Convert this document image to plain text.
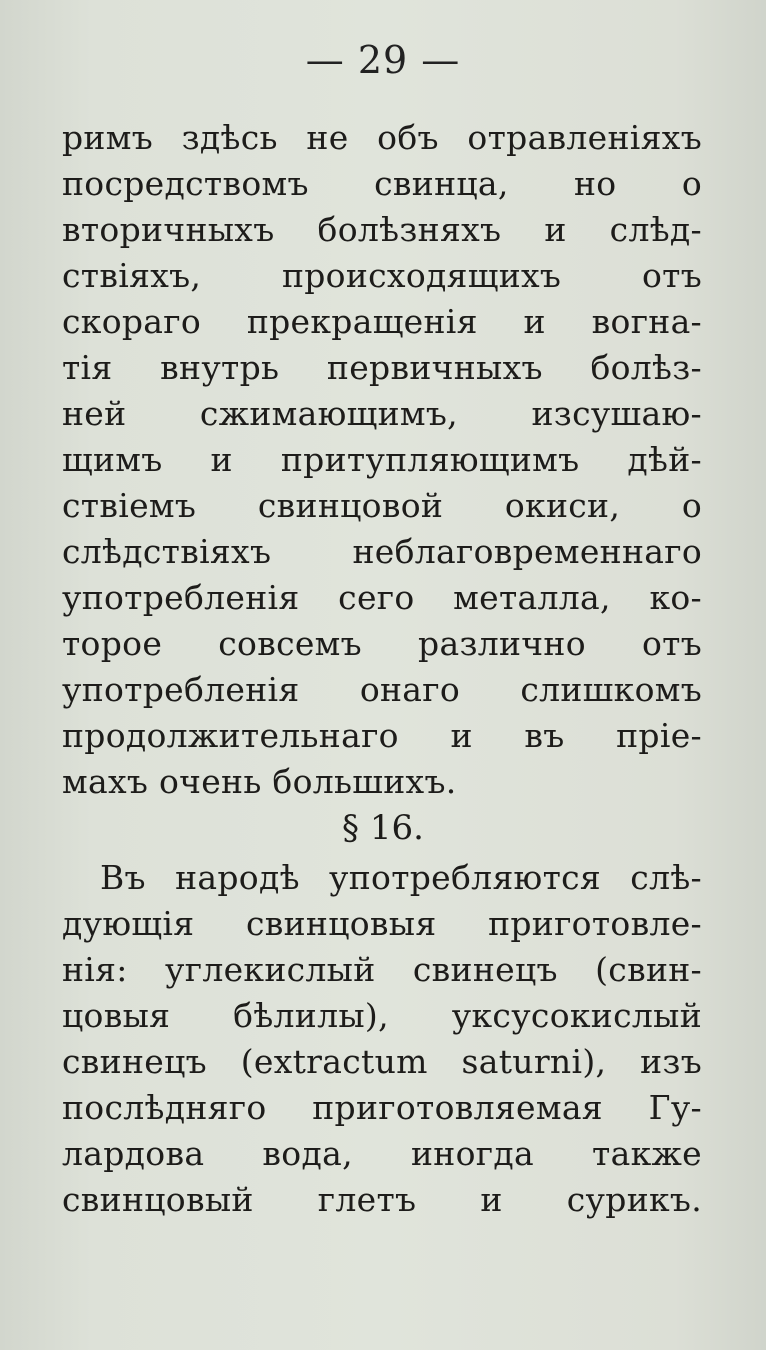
— 29 —
римъ здѣсь не объ отравленіяхъ
посредствомъ свинца, но о
вторичныхъ болѣзняхъ и слѣд-
ствіяхъ, происходящихъ отъ
скораго прекращенія и вогна-
тія внутрь первичныхъ болѣз-
ней сжимающимъ, изсушаю-
щимъ и притупляющимъ дѣй-
ствіемъ свинцовой окиси, о
слѣдствіяхъ неблаговременнаго
употребленія сего металла, ко-
торое совсемъ различно отъ
употребленія онаго слишкомъ
продолжительнаго и въ пріе-
махъ очень большихъ.
§ 16.
Въ народѣ употребляются слѣ-
дующія свинцовыя приготовле-
нія: углекислый свинецъ (свин-
цовыя бѣлилы), уксусокислый
свинецъ (extractum saturni), изъ
послѣдняго приготовляемая Гу-
лардова вода, иногда также
свинцовый глетъ и сурикъ.
